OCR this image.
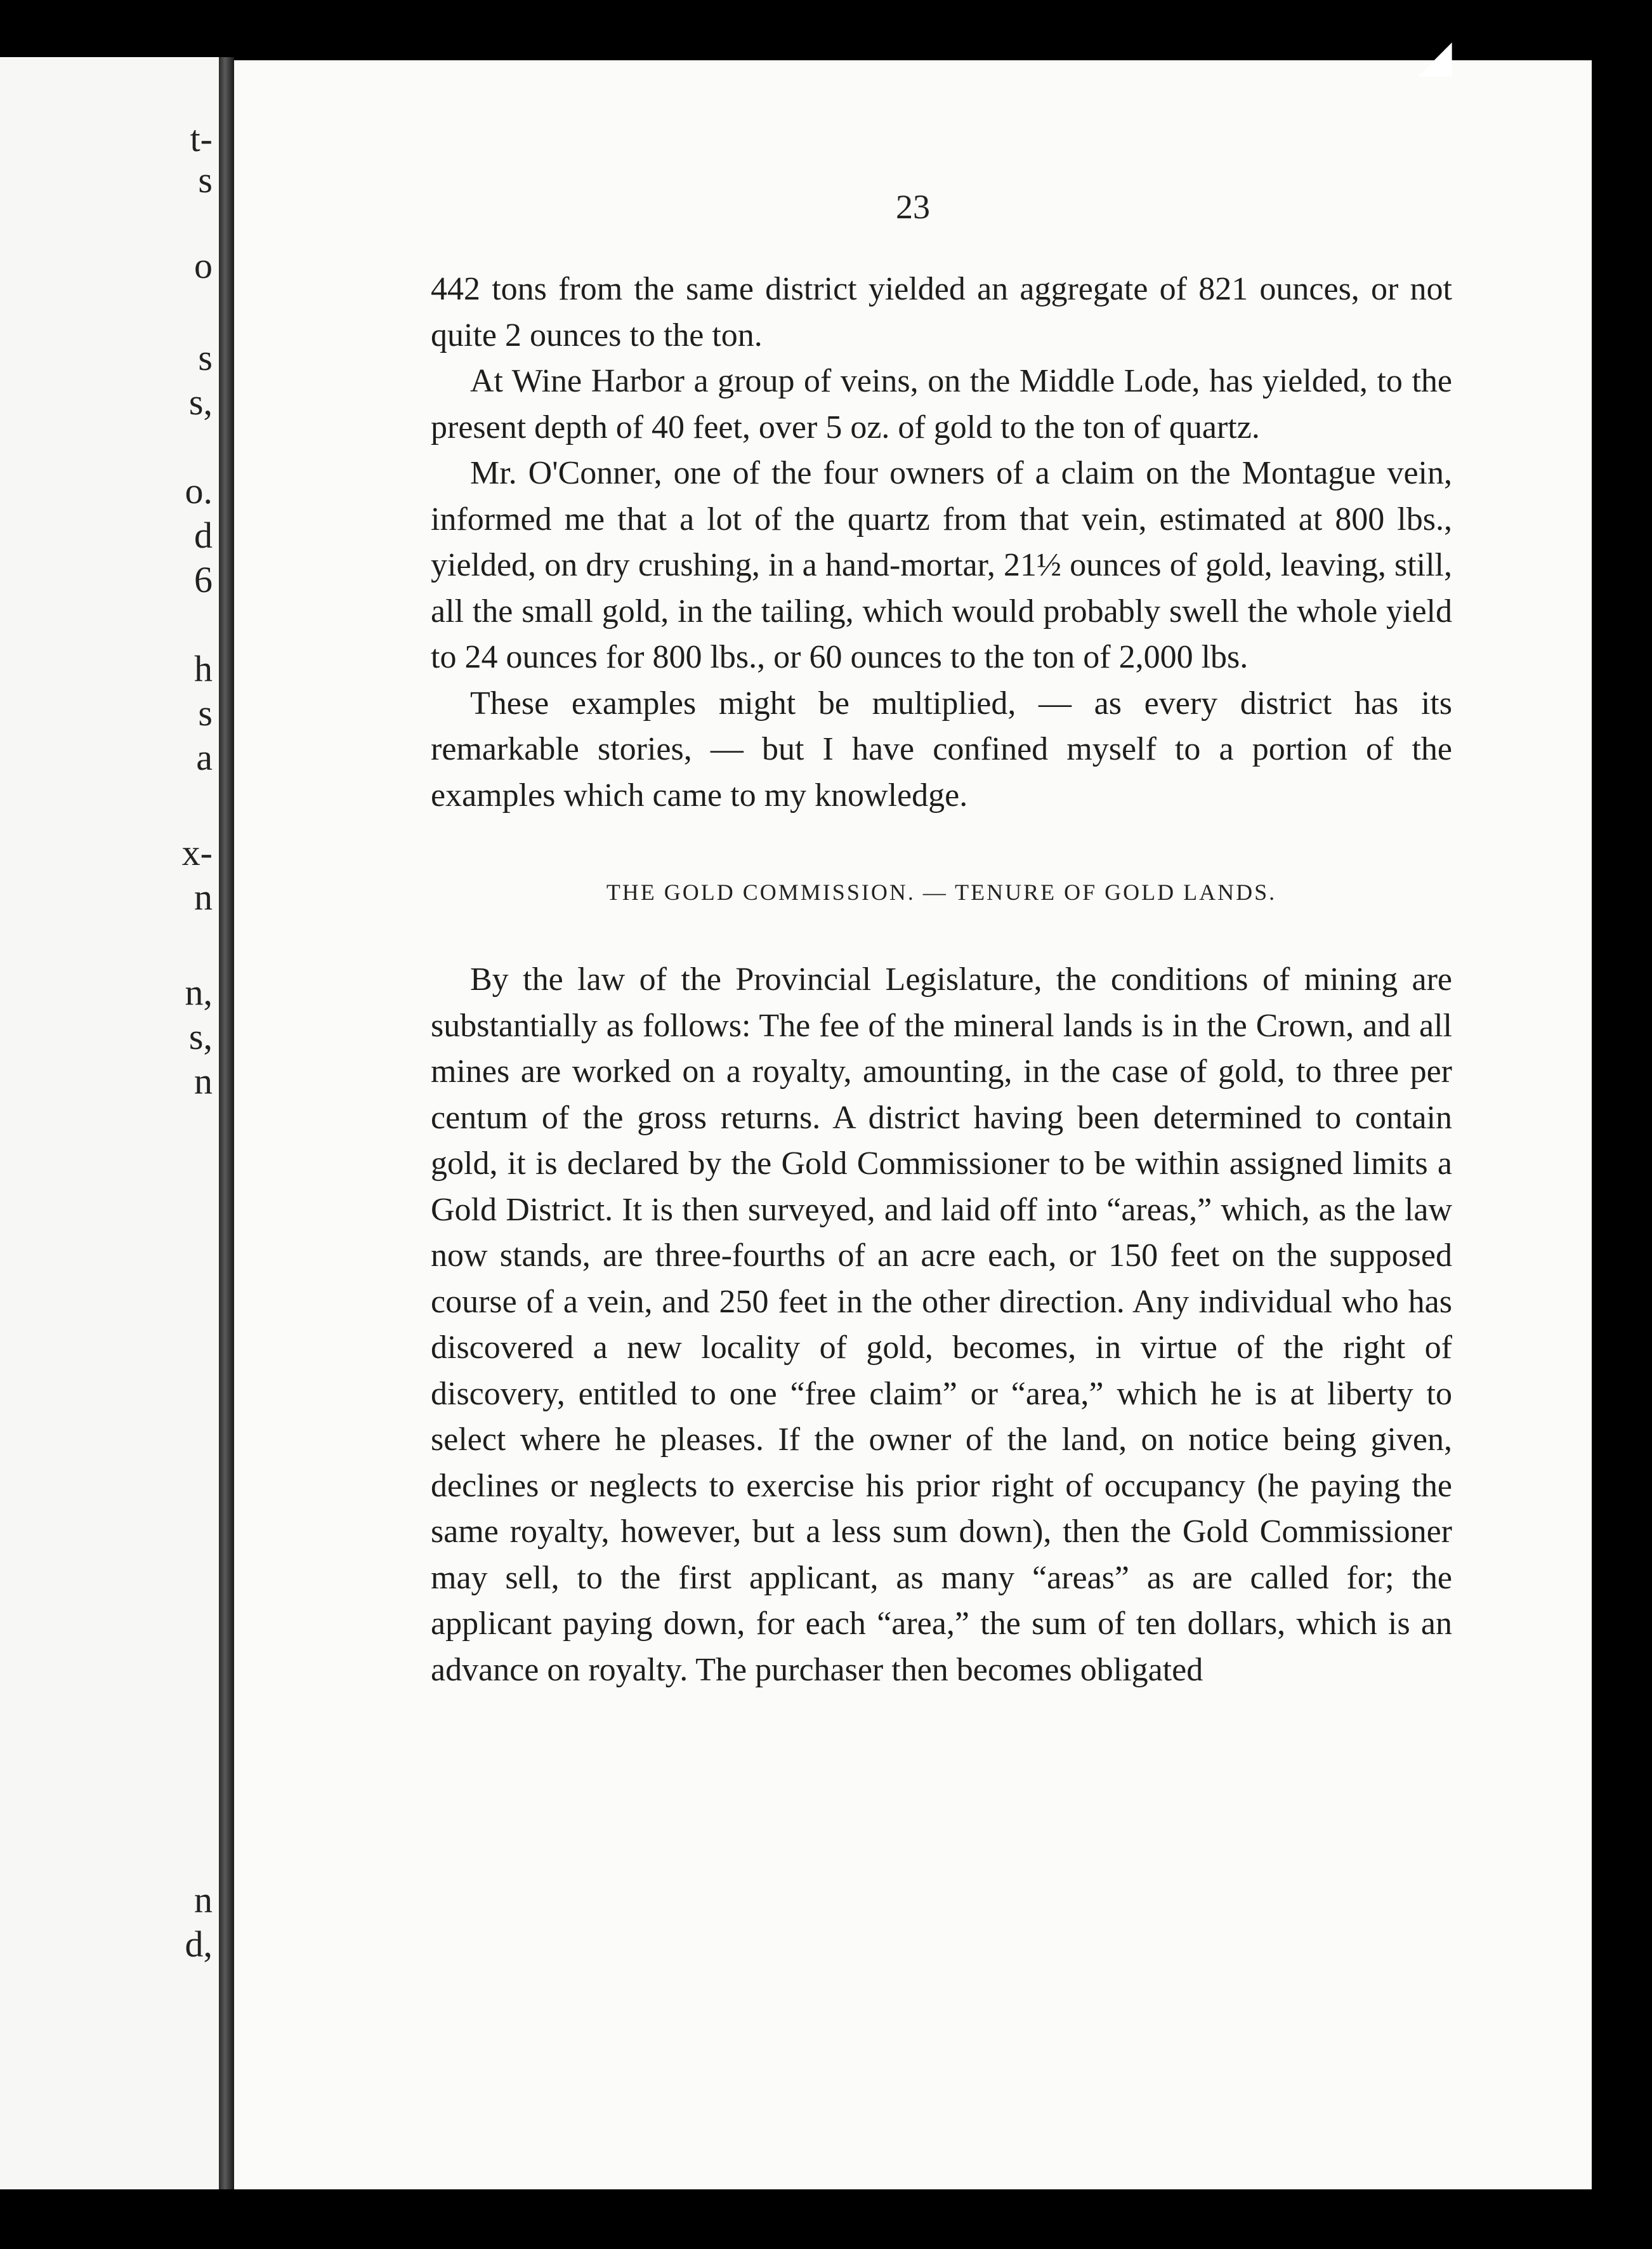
t-
s
o
s
s,
o.
d
6
h
s
a
x-
n
n,
s,
n
n
d,

23

442 tons from the same district yielded an aggregate of 821 ounces, or not quite 2 ounces to the ton.

At Wine Harbor a group of veins, on the Middle Lode, has yielded, to the present depth of 40 feet, over 5 oz. of gold to the ton of quartz.

Mr. O'Conner, one of the four owners of a claim on the Montague vein, informed me that a lot of the quartz from that vein, estimated at 800 lbs., yielded, on dry crushing, in a hand-mortar, 21½ ounces of gold, leaving, still, all the small gold, in the tailing, which would probably swell the whole yield to 24 ounces for 800 lbs., or 60 ounces to the ton of 2,000 lbs.

These examples might be multiplied, — as every district has its remarkable stories, — but I have confined myself to a portion of the examples which came to my knowledge.

THE GOLD COMMISSION. — TENURE OF GOLD LANDS.

By the law of the Provincial Legislature, the conditions of mining are substantially as follows: The fee of the mineral lands is in the Crown, and all mines are worked on a royalty, amounting, in the case of gold, to three per centum of the gross returns. A district having been determined to contain gold, it is declared by the Gold Commissioner to be within assigned limits a Gold District. It is then surveyed, and laid off into “areas,” which, as the law now stands, are three-fourths of an acre each, or 150 feet on the supposed course of a vein, and 250 feet in the other direction. Any individual who has discovered a new locality of gold, becomes, in virtue of the right of discovery, entitled to one “free claim” or “area,” which he is at liberty to select where he pleases. If the owner of the land, on notice being given, declines or neglects to exercise his prior right of occupancy (he paying the same royalty, however, but a less sum down), then the Gold Commissioner may sell, to the first applicant, as many “areas” as are called for; the applicant paying down, for each “area,” the sum of ten dollars, which is an advance on royalty. The purchaser then becomes obligated

◢
